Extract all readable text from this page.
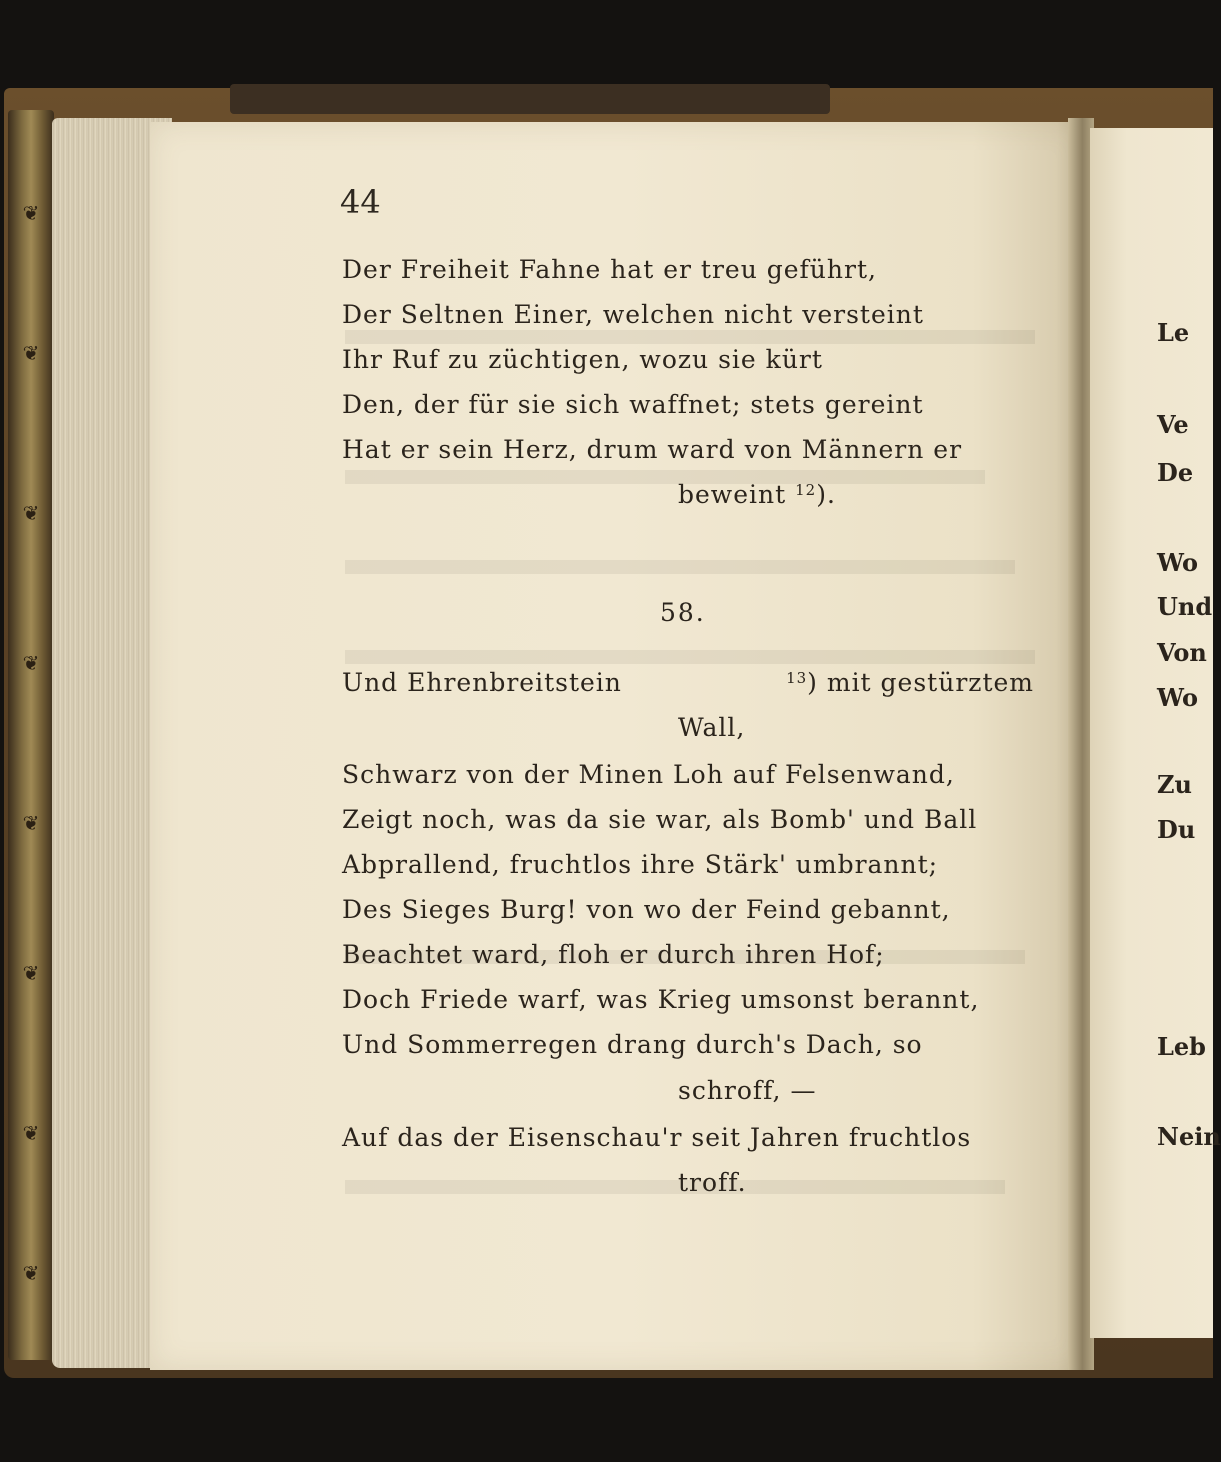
❦
❦
❦
❦
❦
❦
❦
❦
44
Der Freiheit Fahne hat er treu geführt,
Der Seltnen Einer, welchen nicht versteint
Ihr Ruf zu züchtigen, wozu sie kürt
Den, der für sie sich waffnet; stets gereint
Hat er sein Herz, drum ward von Männern er
beweint $^{12}$).
58.
Und Ehrenbreitstein	$^{13}$) mit gestürztem
Wall,
Schwarz von der Minen Loh auf Felsenwand,
Zeigt noch, was da sie war, als Bomb' und Ball
Abprallend, fruchtlos ihre Stärk' umbrannt;
Des Sieges Burg! von wo der Feind gebannt,
Beachtet ward, floh er durch ihren Hof;
Doch Friede warf, was Krieg umsonst berannt,
Und Sommerregen drang durch's Dach, so
schroff, —
Auf das der Eisenschau'r seit Jahren fruchtlos
troff.
Le
Ve
De
Wo
Und
Von
Wo
Zu
Du
Leb
Nein
